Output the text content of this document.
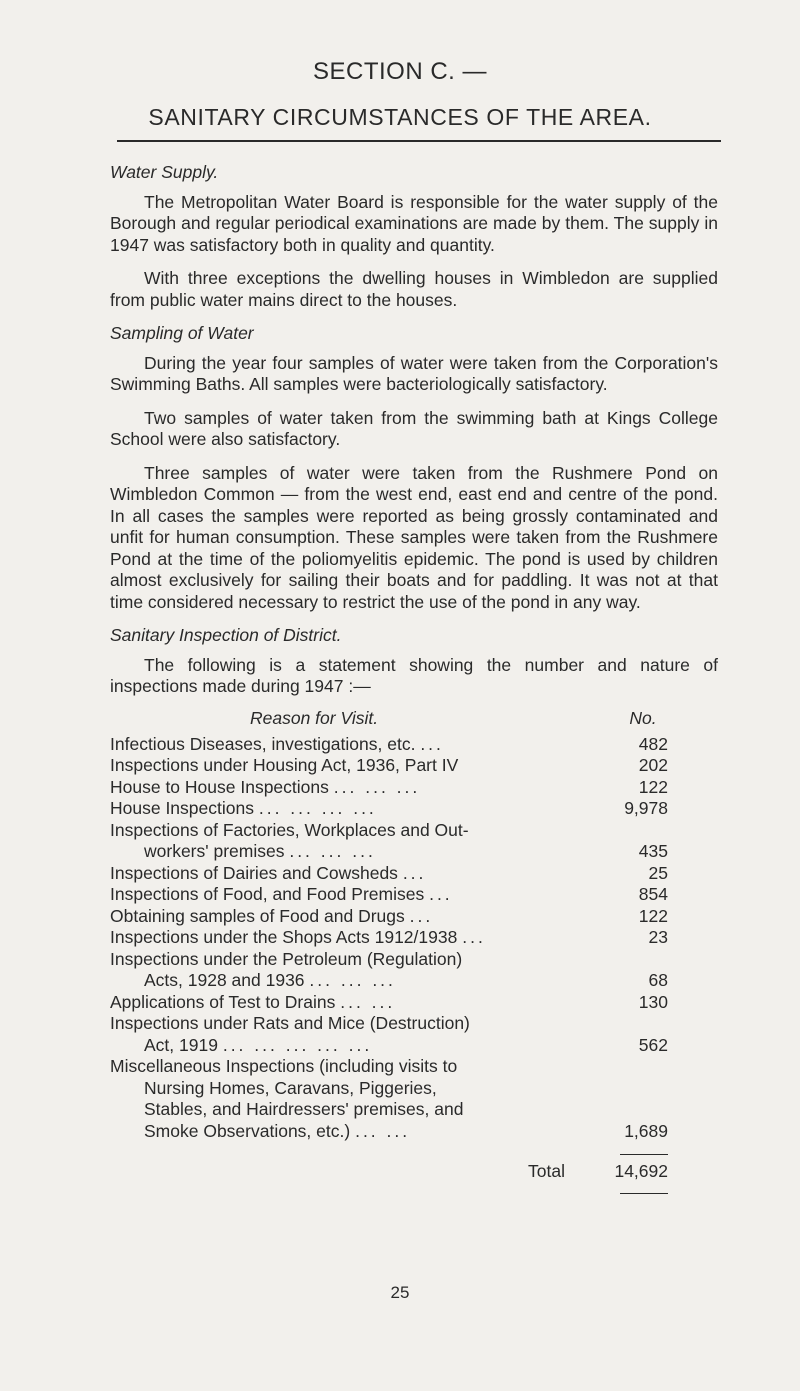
SECTION C. —
SANITARY CIRCUMSTANCES OF THE AREA.
Water Supply.

The Metropolitan Water Board is responsible for the water supply of the Borough and regular periodical examinations are made by them. The supply in 1947 was satisfactory both in quality and quantity.

With three exceptions the dwelling houses in Wimbledon are supplied from public water mains direct to the houses.

Sampling of Water

During the year four samples of water were taken from the Corporation's Swimming Baths. All samples were bacteriologically satisfactory.

Two samples of water taken from the swimming bath at Kings College School were also satisfactory.

Three samples of water were taken from the Rushmere Pond on Wimbledon Common — from the west end, east end and centre of the pond. In all cases the samples were reported as being grossly contaminated and unfit for human consumption. These samples were taken from the Rushmere Pond at the time of the poliomyelitis epidemic. The pond is used by children almost exclusively for sailing their boats and for paddling. It was not at that time considered necessary to restrict the use of the pond in any way.

Sanitary Inspection of District.

The following is a statement showing the number and nature of inspections made during 1947 :—

Reason for Visit.	No.
Infectious Diseases, investigations, etc. ...	482
Inspections under Housing Act, 1936, Part IV	202
House to House Inspections ... ... ...	122
House Inspections ... ... ... ...	9,978
Inspections of Factories, Workplaces and Out-
workers' premises ... ... ...	435
Inspections of Dairies and Cowsheds ...	25
Inspections of Food, and Food Premises ...	854
Obtaining samples of Food and Drugs ...	122
Inspections under the Shops Acts 1912/1938 ...	23
Inspections under the Petroleum (Regulation)
Acts, 1928 and 1936 ... ... ...	68
Applications of Test to Drains ... ...	130
Inspections under Rats and Mice (Destruction)
Act, 1919 ... ... ... ... ...	562
Miscellaneous Inspections (including visits to
Nursing Homes, Caravans, Piggeries,
Stables, and Hairdressers' premises, and
Smoke Observations, etc.) ... ...	1,689
Total	14,692
25
